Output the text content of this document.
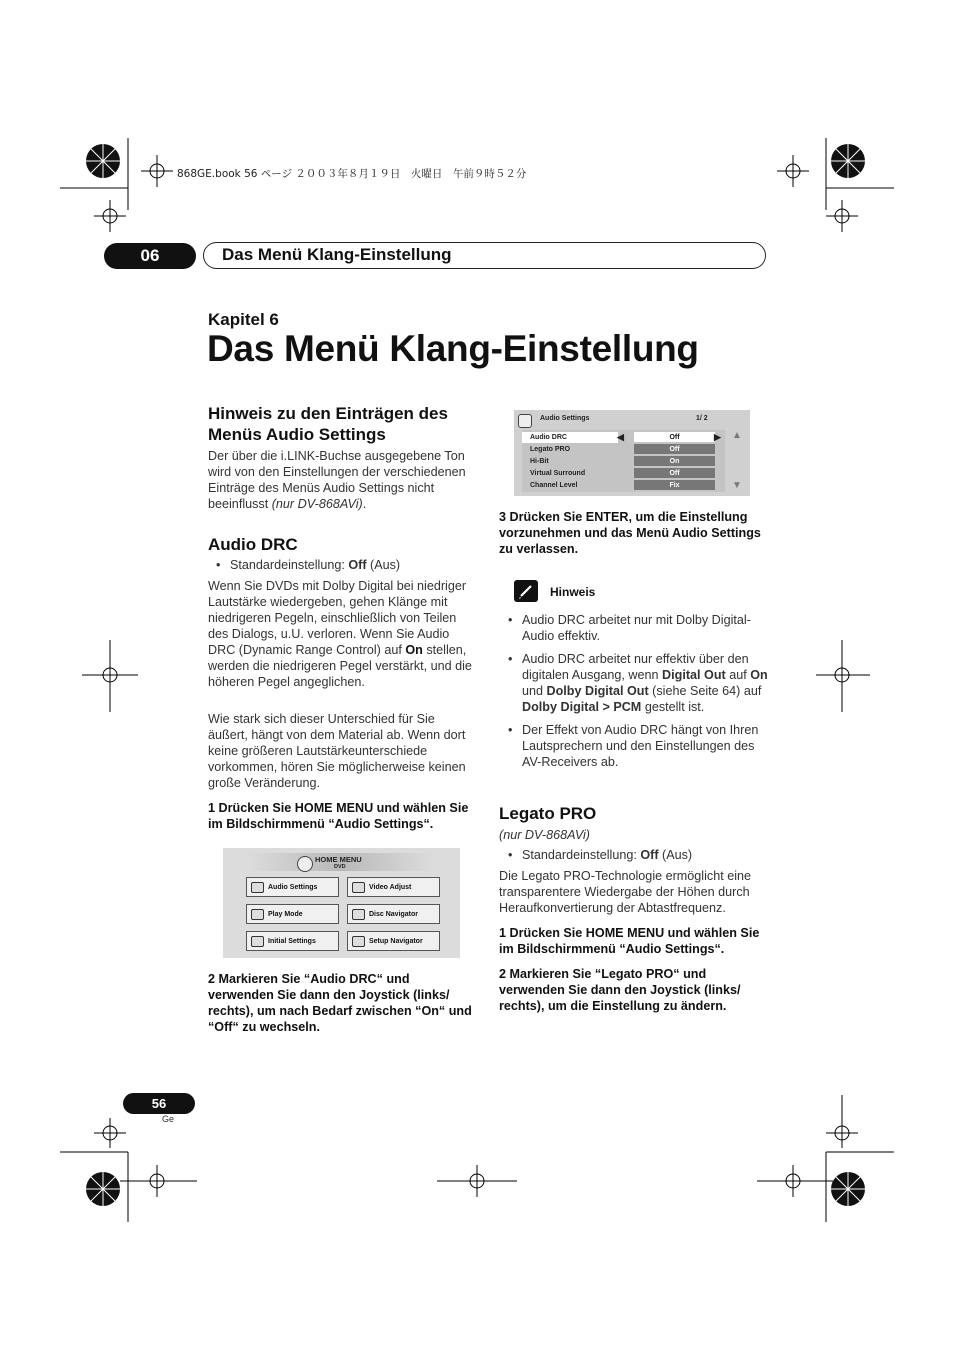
868GE.book 56 ページ ２００３年８月１９日　火曜日　午前９時５２分
06	Das Menü Klang-Einstellung
Kapitel 6
Das Menü Klang-Einstellung
Hinweis zu den Einträgen des Menüs Audio Settings
Der über die i.LINK-Buchse ausgegebene Ton wird von den Einstellungen der verschiedenen Einträge des Menüs Audio Settings nicht beeinflusst (nur DV-868AVi).
Audio DRC
• Standardeinstellung: Off (Aus)
Wenn Sie DVDs mit Dolby Digital bei niedriger Lautstärke wiedergeben, gehen Klänge mit niedrigeren Pegeln, einschließlich von Teilen des Dialogs, u.U. verloren. Wenn Sie Audio DRC (Dynamic Range Control) auf On stellen, werden die niedrigeren Pegel verstärkt, und die höheren Pegel angeglichen.
Wie stark sich dieser Unterschied für Sie äußert, hängt von dem Material ab. Wenn dort keine größeren Lautstärkeunterschiede vorkommen, hören Sie möglicherweise keinen große Veränderung.
1 Drücken Sie HOME MENU und wählen Sie im Bildschirmmenü “Audio Settings“.
HOME MENU
DVD
Audio Settings	Video Adjust
Play Mode	Disc Navigator
Initial Settings	Setup Navigator
2 Markieren Sie “Audio DRC“ und verwenden Sie dann den Joystick (links/ rechts), um nach Bedarf zwischen “On“ und “Off“ zu wechseln.
Audio Settings	1/ 2
Audio DRC	◀	Off	▶
Legato PRO	Off
Hi-Bit	On
Virtual Surround	Off
Channel Level	Fix
▲
▼
3 Drücken Sie ENTER, um die Einstellung vorzunehmen und das Menü Audio Settings zu verlassen.
Hinweis
• Audio DRC arbeitet nur mit Dolby Digital-Audio effektiv.
• Audio DRC arbeitet nur effektiv über den digitalen Ausgang, wenn Digital Out auf On und Dolby Digital Out (siehe Seite 64) auf Dolby Digital > PCM gestellt ist.
• Der Effekt von Audio DRC hängt von Ihren Lautsprechern und den Einstellungen des AV-Receivers ab.
Legato PRO
(nur DV-868AVi)
• Standardeinstellung: Off (Aus)
Die Legato PRO-Technologie ermöglicht eine transparentere Wiedergabe der Höhen durch Heraufkonvertierung der Abtastfrequenz.
1 Drücken Sie HOME MENU und wählen Sie im Bildschirmmenü “Audio Settings“.
2 Markieren Sie “Legato PRO“ und verwenden Sie dann den Joystick (links/ rechts), um die Einstellung zu ändern.
56
Ge
